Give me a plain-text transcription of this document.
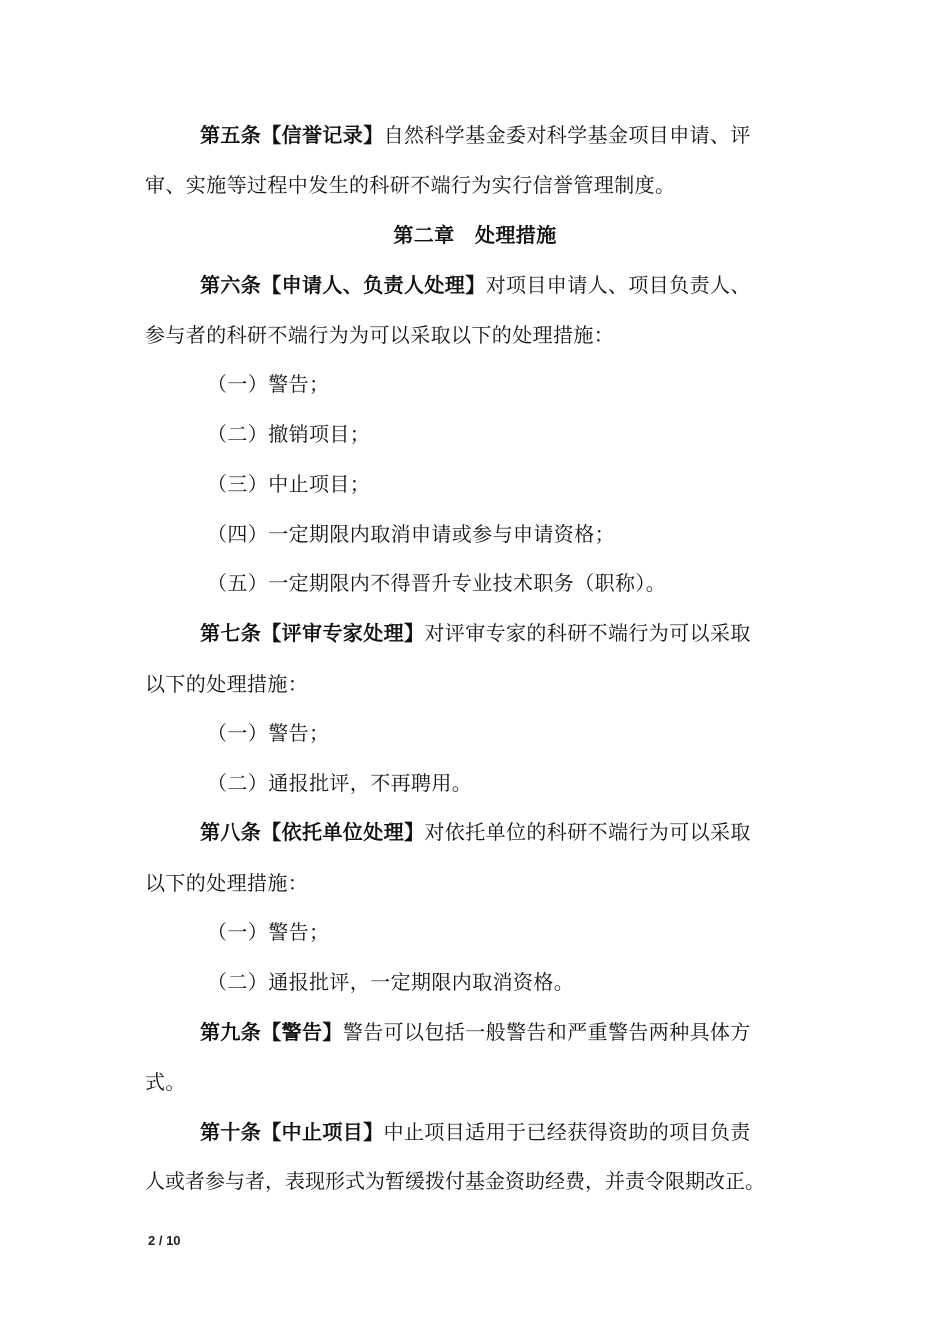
第五条【信誉记录】自然科学基金委对科学基金项目申请、评
审、实施等过程中发生的科研不端行为实行信誉管理制度。
第二章　处理措施
第六条【申请人、负责人处理】对项目申请人、项目负责人、
参与者的科研不端行为为可以采取以下的处理措施：
（一）警告；
（二）撤销项目；
（三）中止项目；
（四）一定期限内取消申请或参与申请资格；
（五）一定期限内不得晋升专业技术职务（职称）。
第七条【评审专家处理】对评审专家的科研不端行为可以采取
以下的处理措施：
（一）警告；
（二）通报批评，不再聘用。
第八条【依托单位处理】对依托单位的科研不端行为可以采取
以下的处理措施：
（一）警告；
（二）通报批评，一定期限内取消资格。
第九条【警告】警告可以包括一般警告和严重警告两种具体方
式。
第十条【中止项目】中止项目适用于已经获得资助的项目负责
人或者参与者，表现形式为暂缓拨付基金资助经费，并责令限期改正。
2 / 10
